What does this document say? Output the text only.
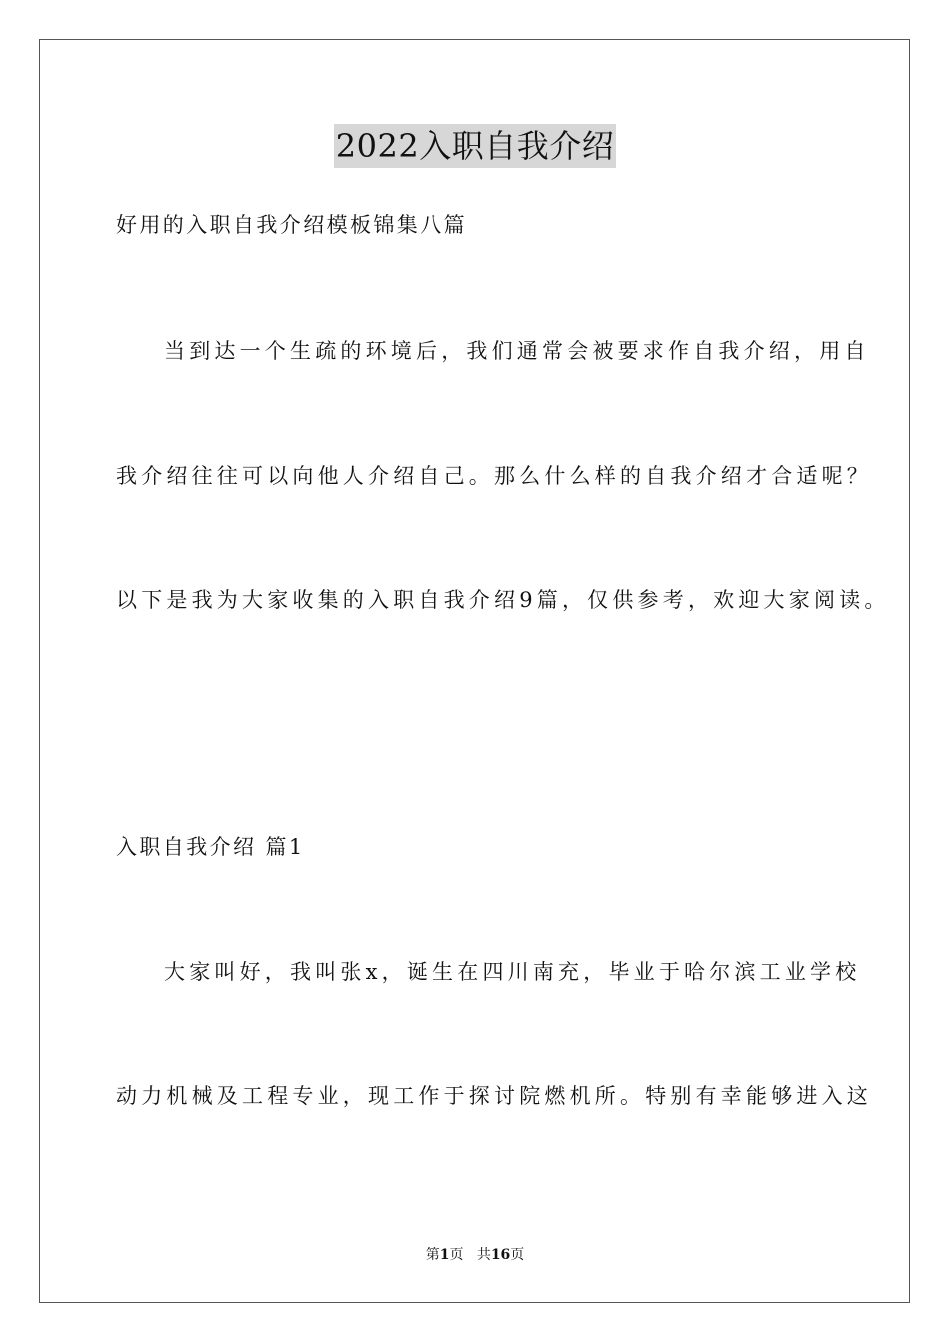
2022入职自我介绍
好用的入职自我介绍模板锦集八篇
当到达一个生疏的环境后，我们通常会被要求作自我介绍，用自
我介绍往往可以向他人介绍自己。那么什么样的自我介绍才合适呢？
以下是我为大家收集的入职自我介绍9篇，仅供参考，欢迎大家阅读。
入职自我介绍 篇1
大家叫好，我叫张x，诞生在四川南充，毕业于哈尔滨工业学校
动力机械及工程专业，现工作于探讨院燃机所。特别有幸能够进入这
第1页 共16页
